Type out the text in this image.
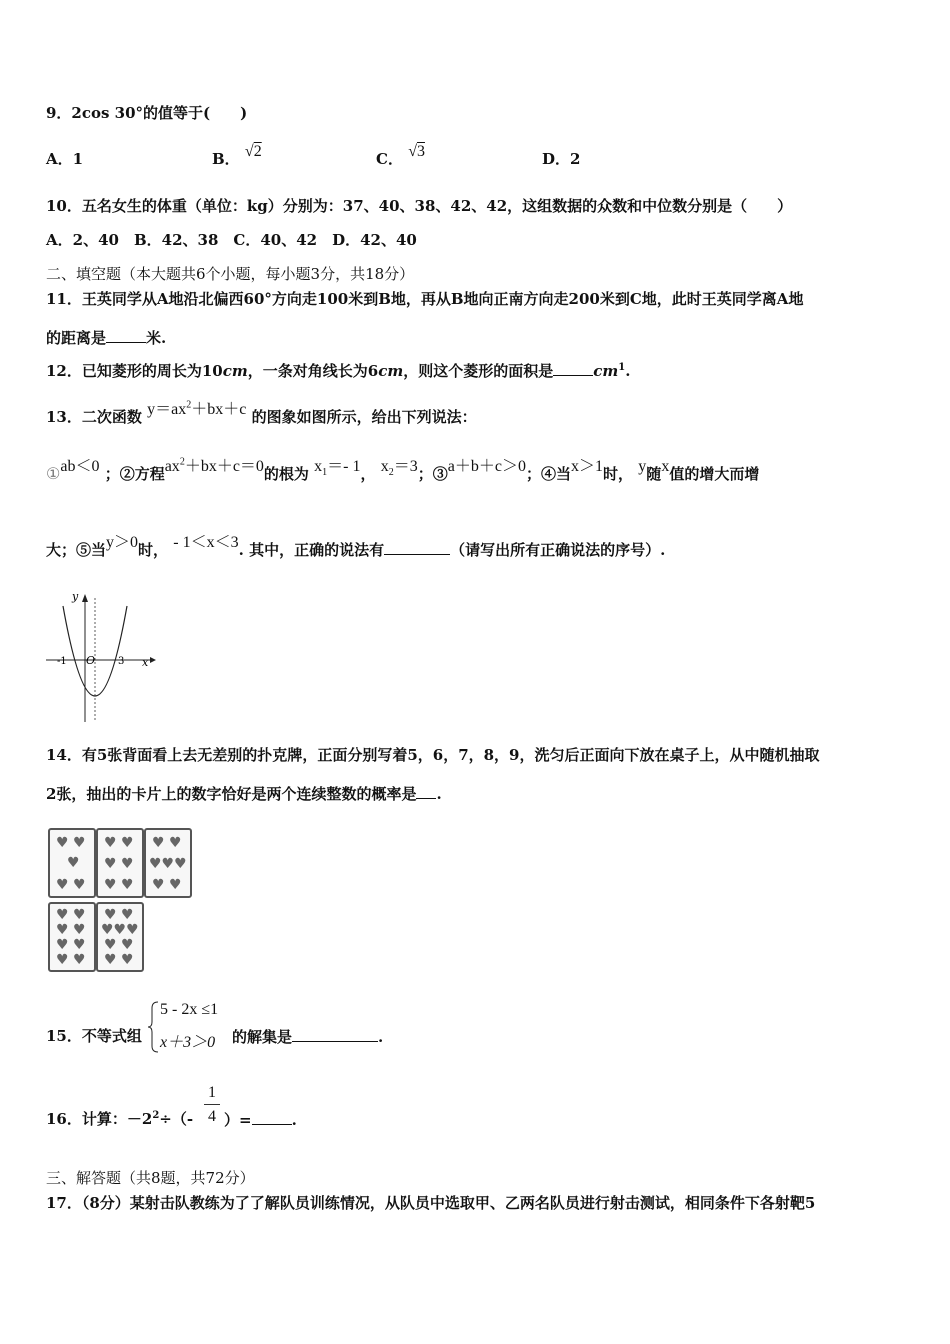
9．2cos 30°的值等于(　　)
A．1	B． √2	C． √3	D．2
10．五名女生的体重（单位：kg）分别为：37、40、38、42、42，这组数据的众数和中位数分别是（　　）
A．2、40　B．42、38　C．40、42　D．42、40
二、填空题（本大题共6个小题，每小题3分，共18分）
11．王英同学从A地沿北偏西60°方向走100米到B地，再从B地向正南方向走200米到C地，此时王英同学离A地
的距离是	米.
12．已知菱形的周长为10cm，一条对角线长为6cm，则这个菱形的面积是	$cm^1$.
13．二次函数 $y=ax^2+bx+c$ 的图象如图所示，给出下列说法：
①ab＜0 ；②方程$ax^2+bx+c=0$的根为 $x_1=-$ 1， $x_2=3$；③a＋b＋c＞0；④当x＞1时， y随x值的增大而增
大；⑤当y＞0时， - 1＜x＜3. 其中，正确的说法有	（请写出所有正确说法的序号）.
y
x
O
-1	3
14．有5张背面看上去无差别的扑克牌，正面分别写着5，6，7，8，9，洗匀后正面向下放在桌子上，从中随机抽取
2张，抽出的卡片上的数字恰好是两个连续整数的概率是 .
♥ ♥
♥
♥ ♥
♥ ♥
♥ ♥
♥ ♥
♥ ♥
♥♥♥
♥ ♥
♥ ♥
♥ ♥
♥ ♥
♥ ♥
♥ ♥
♥♥♥
♥ ♥
♥ ♥
15．不等式组
5 - 2x ≤1
x＋3＞0 的解集是	.
16．计算：$-2^2\div(-$
1
4 ）=	.
三、解答题（共8题，共72分）
17．（8分）某射击队教练为了了解队员训练情况，从队员中选取甲、乙两名队员进行射击测试，相同条件下各射靶5
